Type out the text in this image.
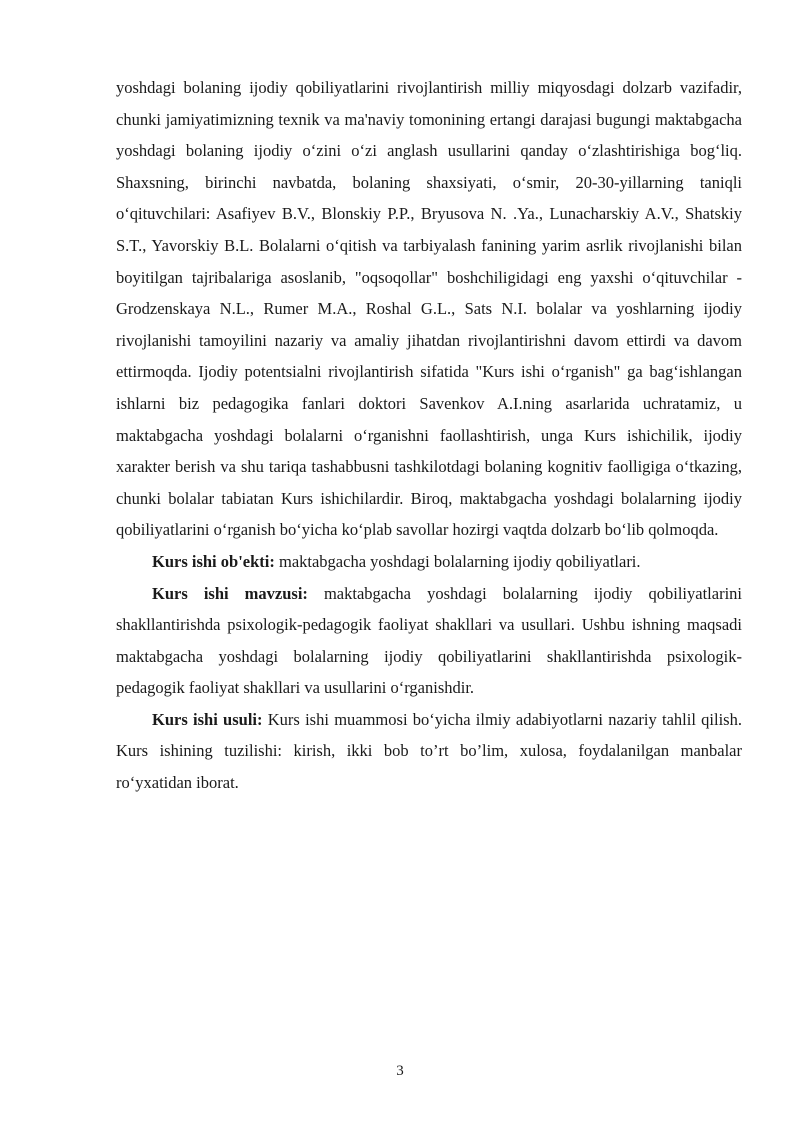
yoshdagi bolaning ijodiy qobiliyatlarini rivojlantirish milliy miqyosdagi dolzarb vazifadir, chunki jamiyatimizning texnik va ma'naviy tomonining ertangi darajasi bugungi maktabgacha yoshdagi bolaning ijodiy o‘zini o‘zi anglash usullarini qanday o‘zlashtirishiga bog‘liq. Shaxsning, birinchi navbatda, bolaning shaxsiyati, o‘smir, 20-30-yillarning taniqli o‘qituvchilari: Asafiyev B.V., Blonskiy P.P., Bryusova N. .Ya., Lunacharskiy A.V., Shatskiy S.T., Yavorskiy B.L. Bolalarni o‘qitish va tarbiyalash fanining yarim asrlik rivojlanishi bilan boyitilgan tajribalariga asoslanib, "oqsoqollar" boshchiligidagi eng yaxshi o‘qituvchilar - Grodzenskaya N.L., Rumer M.A., Roshal G.L., Sats N.I. bolalar va yoshlarning ijodiy rivojlanishi tamoyilini nazariy va amaliy jihatdan rivojlantirishni davom ettirdi va davom ettirmoqda. Ijodiy potentsialni rivojlantirish sifatida "Kurs ishi o‘rganish" ga bag‘ishlangan ishlarni biz pedagogika fanlari doktori Savenkov A.I.ning asarlarida uchratamiz, u maktabgacha yoshdagi bolalarni o‘rganishni faollashtirish, unga Kurs ishichilik, ijodiy xarakter berish va shu tariqa tashabbusni tashkilotdagi bolaning kognitiv faolligiga o‘tkazing, chunki bolalar tabiatan Kurs ishichilardir. Biroq, maktabgacha yoshdagi bolalarning ijodiy qobiliyatlarini o‘rganish bo‘yicha ko‘plab savollar hozirgi vaqtda dolzarb bo‘lib qolmoqda.

Kurs ishi ob'ekti: maktabgacha yoshdagi bolalarning ijodiy qobiliyatlari.

Kurs ishi mavzusi: maktabgacha yoshdagi bolalarning ijodiy qobiliyatlarini shakllantirishda psixologik-pedagogik faoliyat shakllari va usullari. Ushbu ishning maqsadi maktabgacha yoshdagi bolalarning ijodiy qobiliyatlarini shakllantirishda psixologik-pedagogik faoliyat shakllari va usullarini o‘rganishdir.

Kurs ishi usuli: Kurs ishi muammosi bo‘yicha ilmiy adabiyotlarni nazariy tahlil qilish. Kurs ishining tuzilishi: kirish, ikki bob to’rt bo’lim, xulosa, foydalanilgan manbalar ro‘yxatidan iborat.

3
